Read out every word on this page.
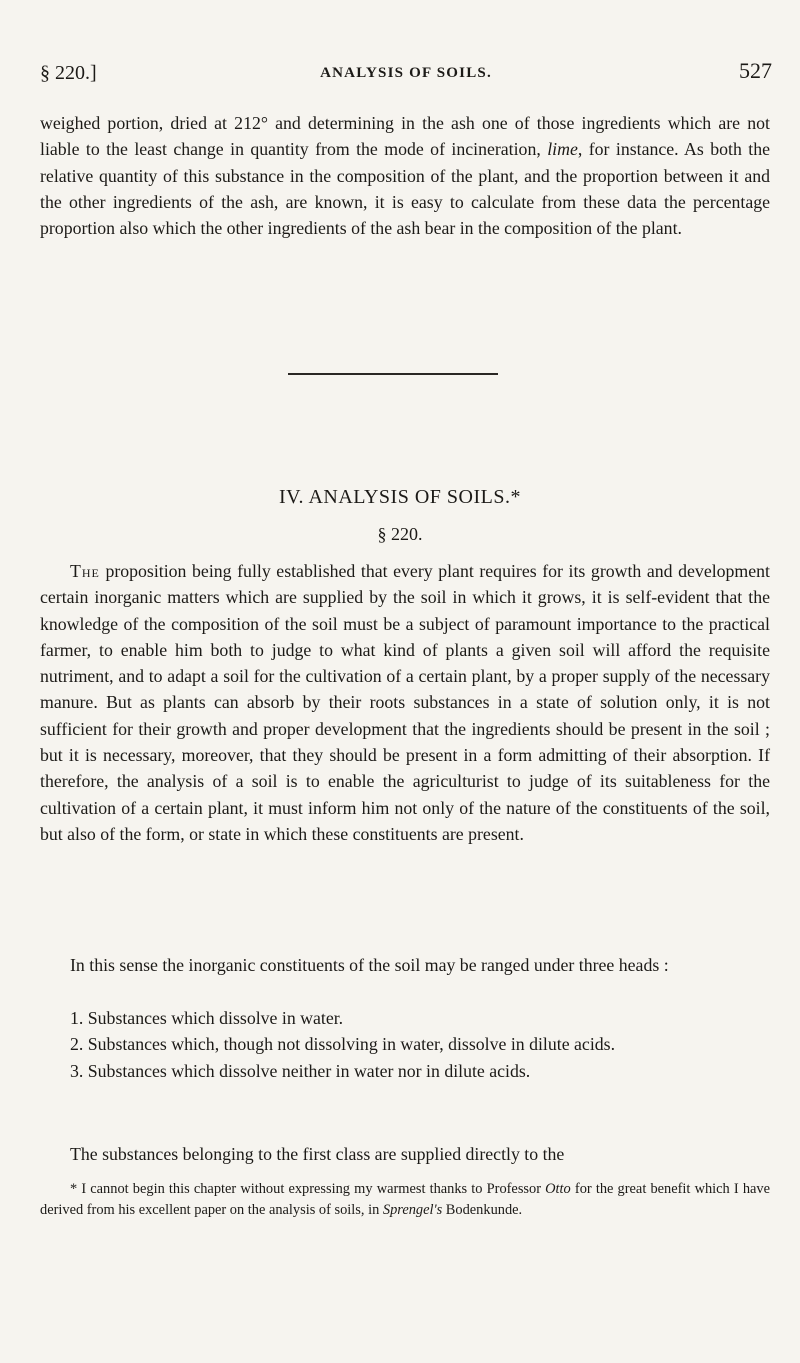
§ 220.]	ANALYSIS OF SOILS.	527

weighed portion, dried at 212° and determining in the ash one of those ingredients which are not liable to the least change in quantity from the mode of incineration, lime, for instance. As both the relative quantity of this substance in the composition of the plant, and the proportion between it and the other ingredients of the ash, are known, it is easy to calculate from these data the percentage proportion also which the other ingredients of the ash bear in the composition of the plant.

IV. ANALYSIS OF SOILS.*
§ 220.

The proposition being fully established that every plant requires for its growth and development certain inorganic matters which are supplied by the soil in which it grows, it is self-evident that the knowledge of the composition of the soil must be a subject of paramount importance to the practical farmer, to enable him both to judge to what kind of plants a given soil will afford the requisite nutriment, and to adapt a soil for the cultivation of a certain plant, by a proper supply of the necessary manure. But as plants can absorb by their roots substances in a state of solution only, it is not sufficient for their growth and proper development that the ingredients should be present in the soil ; but it is necessary, moreover, that they should be present in a form admitting of their absorption. If therefore, the analysis of a soil is to enable the agriculturist to judge of its suitableness for the cultivation of a certain plant, it must inform him not only of the nature of the constituents of the soil, but also of the form, or state in which these constituents are present.

In this sense the inorganic constituents of the soil may be ranged under three heads :

1. Substances which dissolve in water.

2. Substances which, though not dissolving in water, dissolve in dilute acids.

3. Substances which dissolve neither in water nor in dilute acids.

The substances belonging to the first class are supplied directly to the

* I cannot begin this chapter without expressing my warmest thanks to Professor Otto for the great benefit which I have derived from his excellent paper on the analysis of soils, in Sprengel's Bodenkunde.
